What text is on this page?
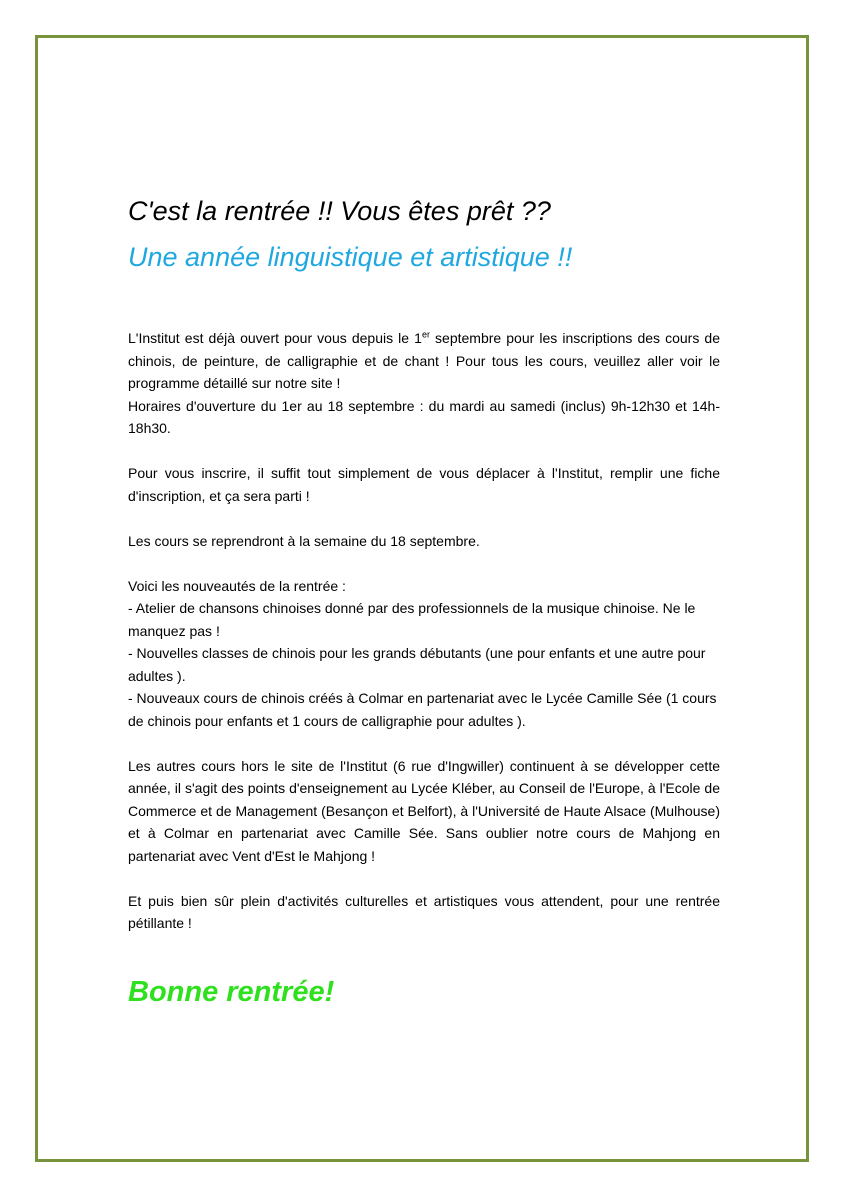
C'est la rentrée !! Vous êtes prêt ??
Une année linguistique et artistique !!

L'Institut est déjà ouvert pour vous depuis le 1er septembre pour les inscriptions des cours de chinois, de peinture, de calligraphie et de chant ! Pour tous les cours, veuillez aller voir le programme détaillé sur notre site !
Horaires d'ouverture du 1er au 18 septembre : du mardi au samedi (inclus) 9h-12h30 et 14h-18h30.

Pour vous inscrire, il suffit tout simplement de vous déplacer à l'Institut, remplir une fiche d'inscription, et ça sera parti !

Les cours se reprendront à la semaine du 18 septembre.

Voici les nouveautés de la rentrée :
- Atelier de chansons chinoises donné par des professionnels de la musique chinoise. Ne le manquez pas !
- Nouvelles classes de chinois pour les grands débutants (une pour enfants et une autre pour adultes ).
- Nouveaux cours de chinois créés à Colmar en partenariat avec le Lycée Camille Sée (1 cours de chinois pour enfants et 1 cours de calligraphie pour adultes ).

Les autres cours hors le site de l'Institut (6 rue d'Ingwiller) continuent à se développer cette année, il s'agit des points d'enseignement au Lycée Kléber, au Conseil de l'Europe, à l'Ecole de Commerce et de Management (Besançon et Belfort), à l'Université de Haute Alsace (Mulhouse) et à Colmar en partenariat avec Camille Sée. Sans oublier notre cours de Mahjong en partenariat avec Vent d'Est le Mahjong !

Et puis bien sûr plein d'activités culturelles et artistiques vous attendent, pour une rentrée pétillante !

Bonne rentrée!
